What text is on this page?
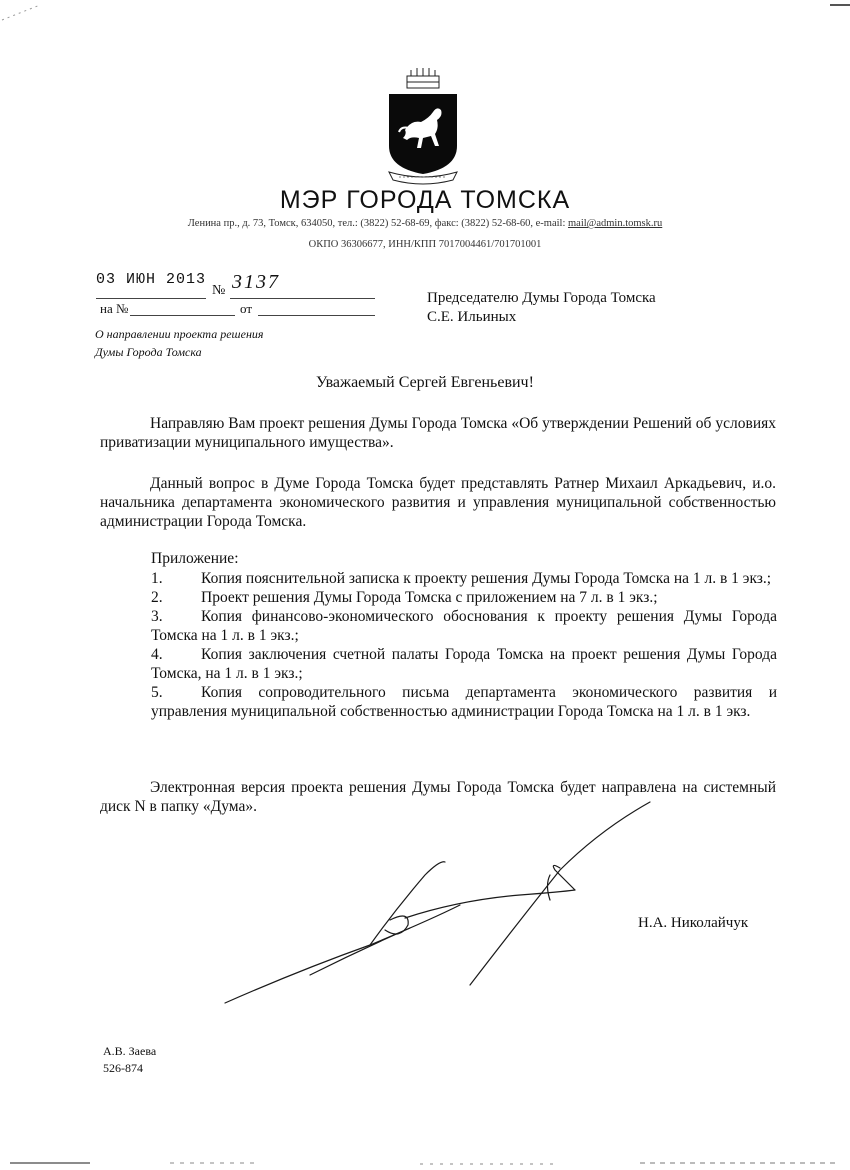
МЭР ГОРОДА ТОМСКА
Ленина пр., д. 73, Томск, 634050, тел.: (3822) 52-68-69, факс: (3822) 52-68-60, e-mail: mail@admin.tomsk.ru
ОКПО 36306677, ИНН/КПП 7017004461/701701001
03 ИЮН 2013
№ 3137
на №	от
О направлении проекта решения
Думы Города Томска
Председателю Думы Города Томска
С.Е. Ильиных
Уважаемый Сергей Евгеньевич!
Направляю Вам проект решения Думы Города Томска «Об утверждении Решений об условиях приватизации муниципального имущества».
Данный вопрос в Думе Города Томска будет представлять Ратнер Михаил Аркадьевич, и.о. начальника департамента экономического развития и управления муниципальной собственностью администрации Города Томска.
Приложение:
1. Копия пояснительной записка к проекту решения Думы Города Томска на 1 л. в 1 экз.;
2. Проект решения Думы Города Томска с приложением на 7 л. в 1 экз.;
3. Копия финансово-экономического обоснования к проекту решения Думы Города Томска на 1 л. в 1 экз.;
4. Копия заключения счетной палаты Города Томска на проект решения Думы Города Томска, на 1 л. в 1 экз.;
5. Копия сопроводительного письма департамента экономического развития и управления муниципальной собственностью администрации Города Томска на 1 л. в 1 экз.
Электронная версия проекта решения Думы Города Томска будет направлена на системный диск N в папку «Дума».
Н.А. Николайчук
А.В. Заева
526-874
